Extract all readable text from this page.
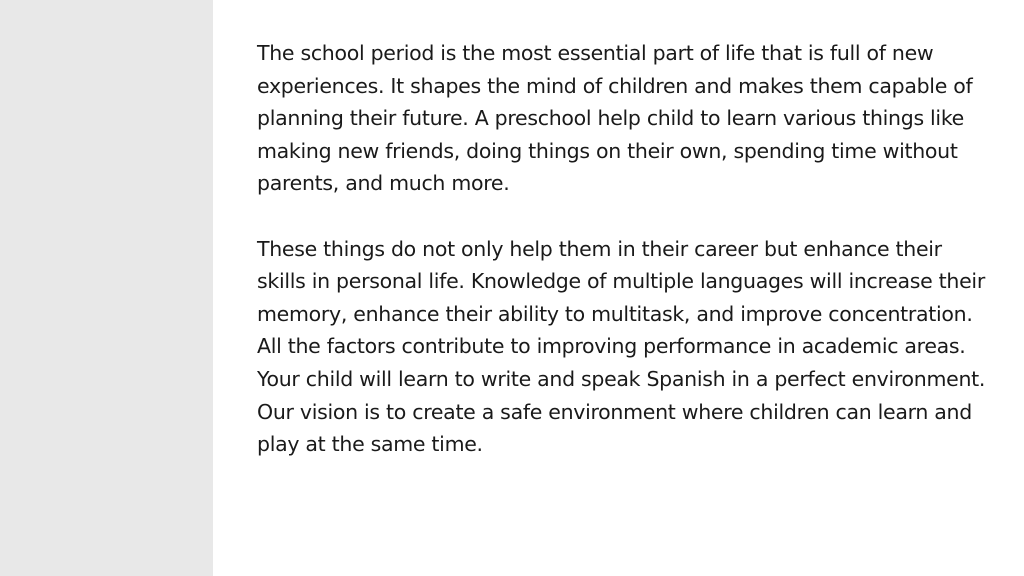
The school period is the most essential part of life that is full of new experiences. It shapes the mind of children and makes them capable of planning their future. A preschool help child to learn various things like making new friends, doing things on their own, spending time without parents, and much more.

These things do not only help them in their career but enhance their skills in personal life. Knowledge of multiple languages will increase their memory, enhance their ability to multitask, and improve concentration. All the factors contribute to improving performance in academic areas. Your child will learn to write and speak Spanish in a perfect environment. Our vision is to create a safe environment where children can learn and play at the same time.
